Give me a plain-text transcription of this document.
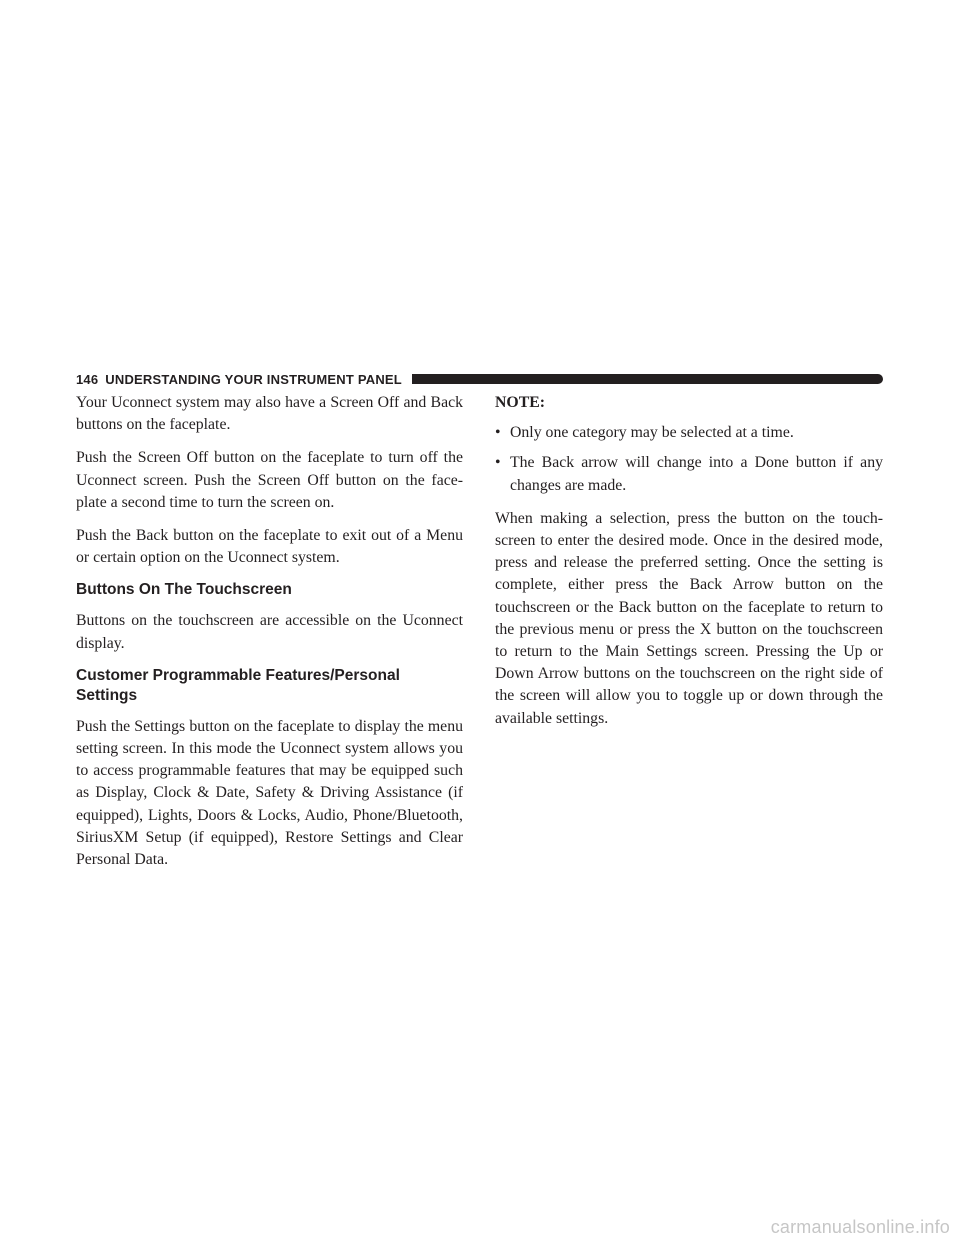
146 UNDERSTANDING YOUR INSTRUMENT PANEL

Your Uconnect system may also have a Screen Off and Back buttons on the faceplate.

Push the Screen Off button on the faceplate to turn off the Uconnect screen. Push the Screen Off button on the face-plate a second time to turn the screen on.

Push the Back button on the faceplate to exit out of a Menu or certain option on the Uconnect system.

Buttons On The Touchscreen

Buttons on the touchscreen are accessible on the Uconnect display.

Customer Programmable Features/Personal Settings

Push the Settings button on the faceplate to display the menu setting screen. In this mode the Uconnect system allows you to access programmable features that may be equipped such as Display, Clock & Date, Safety & Driving Assistance (if equipped), Lights, Doors & Locks, Audio, Phone/Bluetooth, SiriusXM Setup (if equipped), Restore Settings and Clear Personal Data.

NOTE:

• Only one category may be selected at a time.
• The Back arrow will change into a Done button if any changes are made.

When making a selection, press the button on the touch-screen to enter the desired mode. Once in the desired mode, press and release the preferred setting. Once the setting is complete, either press the Back Arrow button on the touchscreen or the Back button on the faceplate to return to the previous menu or press the X button on the touchscreen to return to the Main Settings screen. Pressing the Up or Down Arrow buttons on the touchscreen on the right side of the screen will allow you to toggle up or down through the available settings.

carmanualsonline.info
